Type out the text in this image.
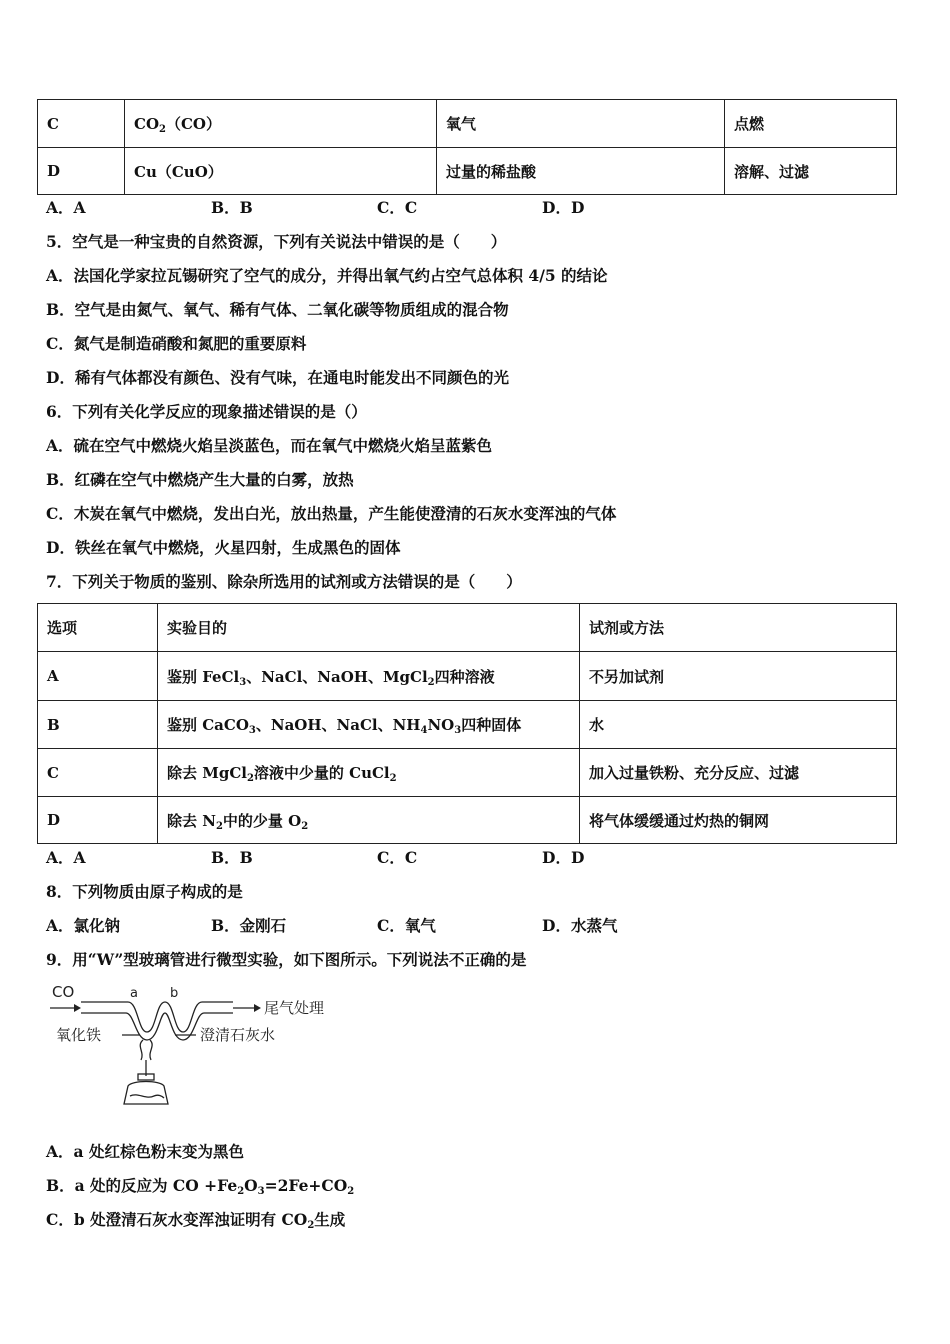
C	$CO_2(CO)$	氧气	点燃
D	Cu（CuO）	过量的稀盐酸	溶解、过滤
A．A	B．B	C．C	D．D
5．空气是一种宝贵的自然资源，下列有关说法中错误的是（　　）
A．法国化学家拉瓦锡研究了空气的成分，并得出氧气约占空气总体积 4/5 的结论
B．空气是由氮气、氧气、稀有气体、二氧化碳等物质组成的混合物
C．氮气是制造硝酸和氮肥的重要原料
D．稀有气体都没有颜色、没有气味，在通电时能发出不同颜色的光
6．下列有关化学反应的现象描述错误的是（）
A．硫在空气中燃烧火焰呈淡蓝色，而在氧气中燃烧火焰呈蓝紫色
B．红磷在空气中燃烧产生大量的白雾，放热
C．木炭在氧气中燃烧，发出白光，放出热量，产生能使澄清的石灰水变浑浊的气体
D．铁丝在氧气中燃烧，火星四射，生成黑色的固体
7．下列关于物质的鉴别、除杂所选用的试剂或方法错误的是（　　）
选项	实验目的	试剂或方法
A	鉴别 FeCl$_3$、NaCl、NaOH、MgCl$_2$四种溶液	不另加试剂
B	鉴别 CaCO$_3$、NaOH、NaCl、$NH_4NO_3$四种固体	水
C	除去 MgCl$_2$溶液中少量的 CuCl$_2$	加入过量铁粉、充分反应、过滤
D	除去 $N_2$中的少量 $O_2$	将气体缓缓通过灼热的铜网
A．A	B．B	C．C	D．D
8．下列物质由原子构成的是
A．氯化钠	B．金刚石	C．氧气	D．水蒸气
9．用“W”型玻璃管进行微型实验，如下图所示。下列说法不正确的是
CO	a b
尾气处理
氧化铁	澄清石灰水
A．a 处红棕色粉末变为黑色
B．a 处的反应为 CO $+Fe_2O_3=2Fe+CO_2$
C．b 处澄清石灰水变浑浊证明有 $CO_2$生成
